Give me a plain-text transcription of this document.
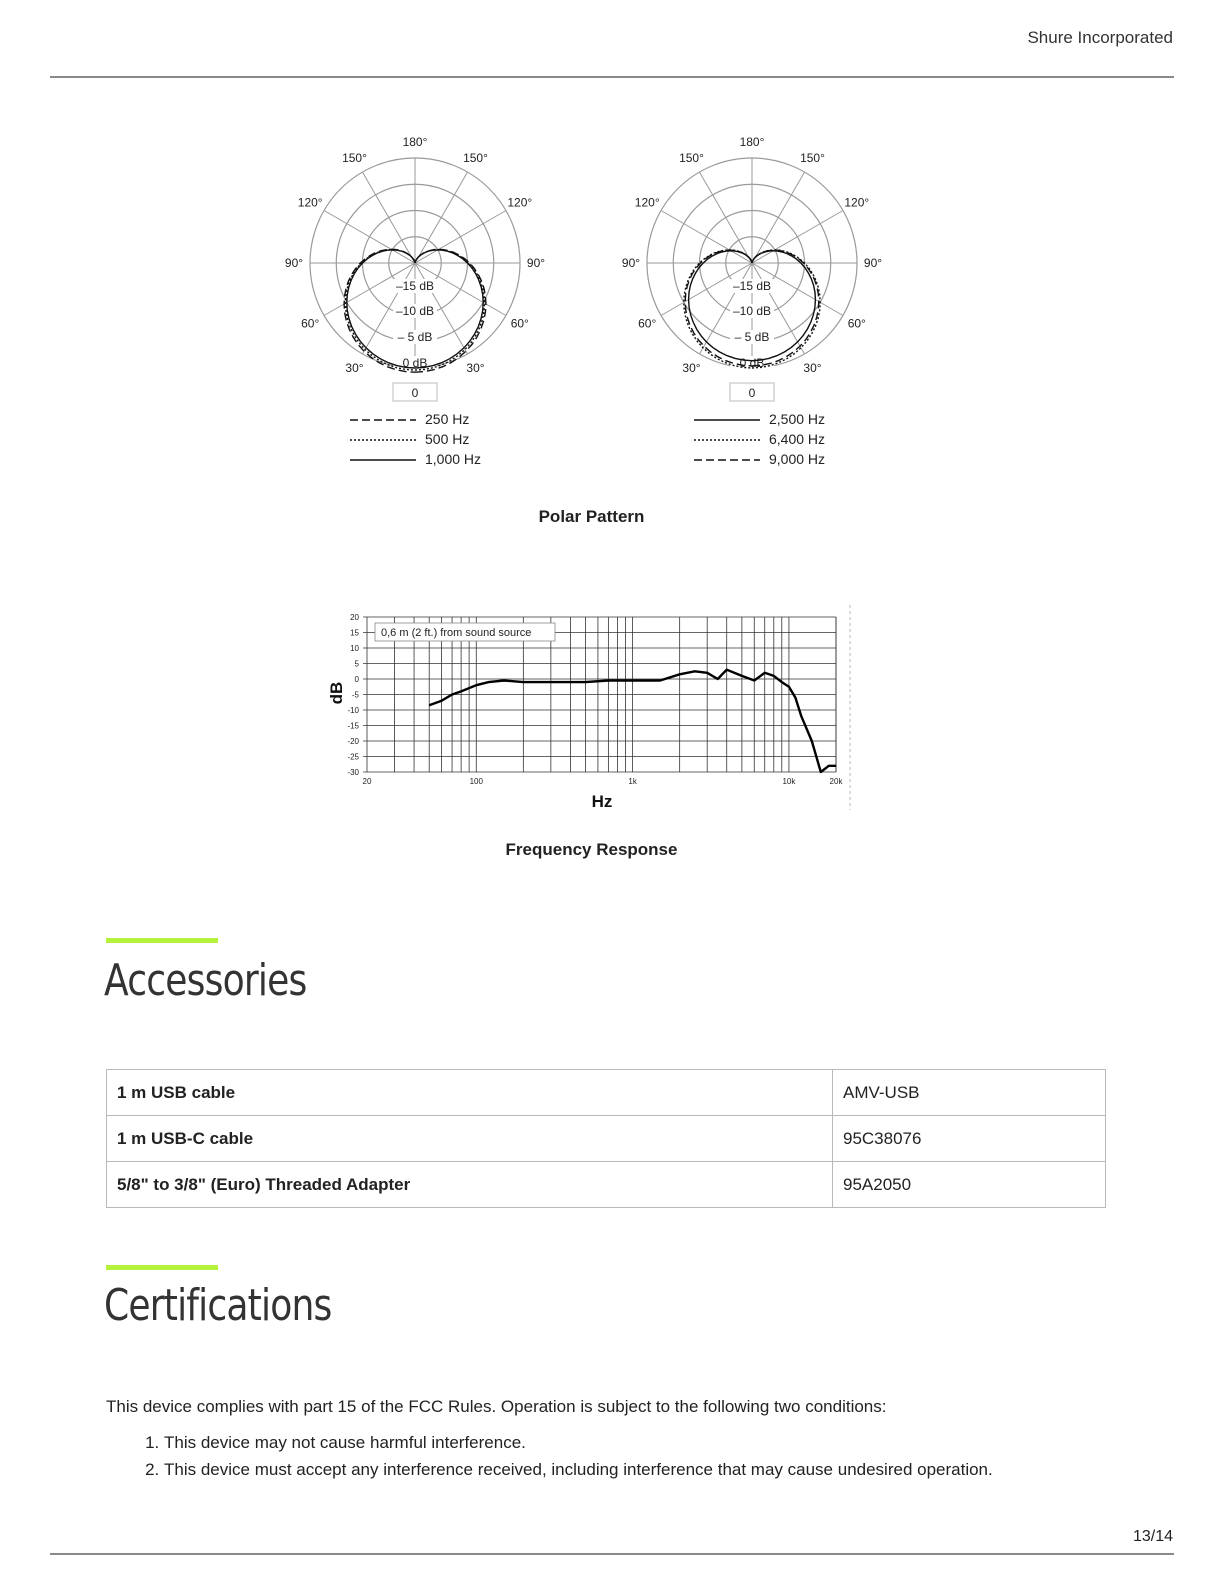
Shure Incorporated
180°
150°	150°
120°	120°
90°	90°
60°	60°
30°	30°
–15 dB
–10 dB
– 5 dB
0 dB
0
250 Hz
500 Hz
1,000 Hz
180°
150°	150°
120°	120°
90°	90°
60°	60°
30°	30°
–15 dB
–10 dB
– 5 dB
0 dB
0
2,500 Hz
6,400 Hz
9,000 Hz
Polar Pattern
20
15
10
5
0
-5
-10
-15
-20
-25
-30
20	100	1k	10k	20k
Hz
dB
0,6 m (2 ft.) from sound source
Frequency Response
Accessories
1 m USB cable	AMV-USB
1 m USB-C cable	95C38076
5/8" to 3/8" (Euro) Threaded Adapter	95A2050
Certifications
This device complies with part 15 of the FCC Rules. Operation is subject to the following two conditions:
1. This device may not cause harmful interference.
2. This device must accept any interference received, including interference that may cause undesired operation.
13/14
